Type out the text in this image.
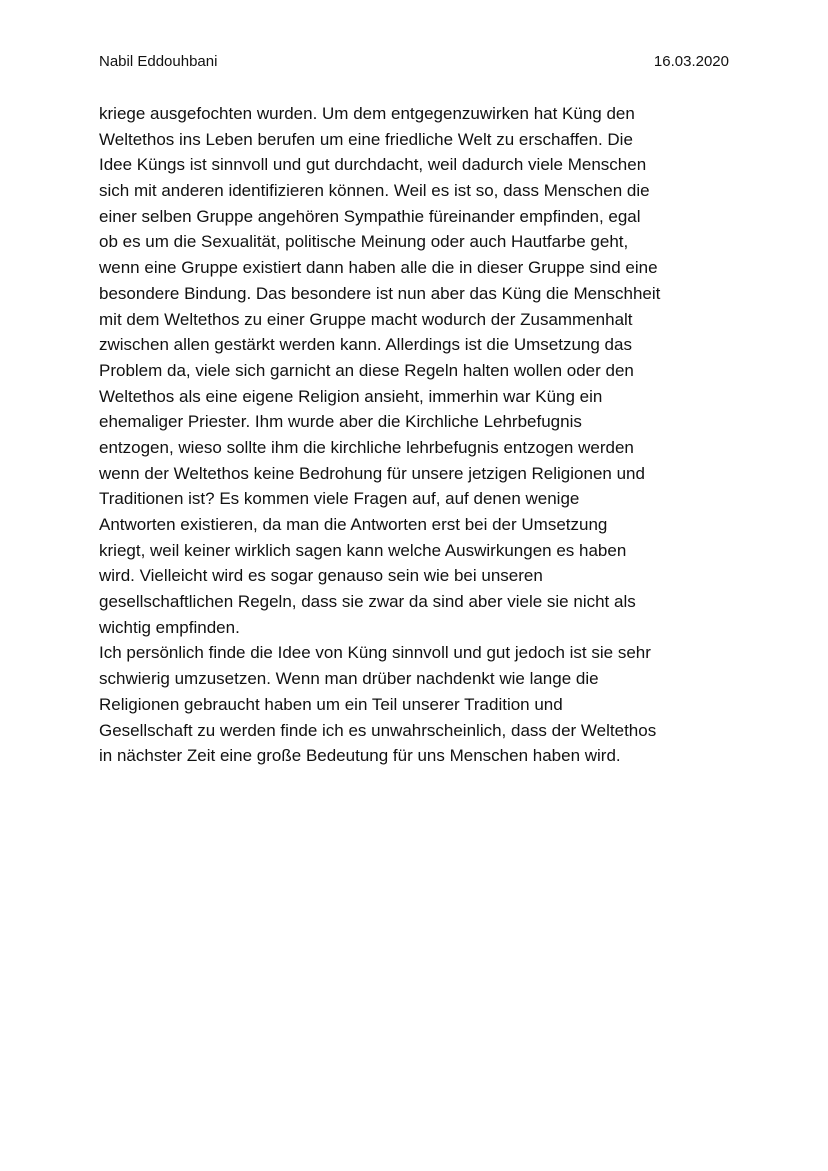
Nabil Eddouhbani	16.03.2020
kriege ausgefochten wurden. Um dem entgegenzuwirken hat Küng den
Weltethos ins Leben berufen um eine friedliche Welt zu erschaffen. Die
Idee Küngs ist sinnvoll und gut durchdacht, weil dadurch viele Menschen
sich mit anderen identifizieren können. Weil es ist so, dass Menschen die
einer selben Gruppe angehören Sympathie füreinander empfinden, egal
ob es um die Sexualität, politische Meinung oder auch Hautfarbe geht,
wenn eine Gruppe existiert dann haben alle die in dieser Gruppe sind eine
besondere Bindung. Das besondere ist nun aber das Küng die Menschheit
mit dem Weltethos zu einer Gruppe macht wodurch der Zusammenhalt
zwischen allen gestärkt werden kann. Allerdings ist die Umsetzung das
Problem da, viele sich garnicht an diese Regeln halten wollen oder den
Weltethos als eine eigene Religion ansieht, immerhin war Küng ein
ehemaliger Priester. Ihm wurde aber die Kirchliche Lehrbefugnis
entzogen, wieso sollte ihm die kirchliche lehrbefugnis entzogen werden
wenn der Weltethos keine Bedrohung für unsere jetzigen Religionen und
Traditionen ist? Es kommen viele Fragen auf, auf denen wenige
Antworten existieren, da man die Antworten erst bei der Umsetzung
kriegt, weil keiner wirklich sagen kann welche Auswirkungen es haben
wird. Vielleicht wird es sogar genauso sein wie bei unseren
gesellschaftlichen Regeln, dass sie zwar da sind aber viele sie nicht als
wichtig empfinden.
Ich persönlich finde die Idee von Küng sinnvoll und gut jedoch ist sie sehr
schwierig umzusetzen. Wenn man drüber nachdenkt wie lange die
Religionen gebraucht haben um ein Teil unserer Tradition und
Gesellschaft zu werden finde ich es unwahrscheinlich, dass der Weltethos
in nächster Zeit eine große Bedeutung für uns Menschen haben wird.
